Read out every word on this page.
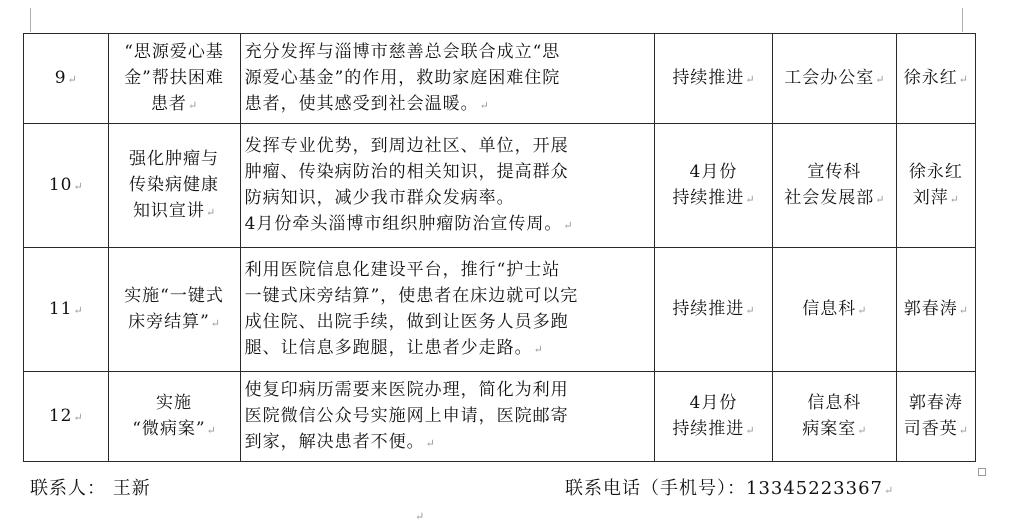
9↵	“思源爱心基
金”帮扶困难
患者↵	充分发挥与淄博市慈善总会联合成立“思
源爱心基金”的作用，救助家庭困难住院
患者，使其感受到社会温暖。↵	持续推进↵	工会办公室↵	徐永红↵

10↵	强化肿瘤与
传染病健康
知识宣讲↵	发挥专业优势，到周边社区、单位，开展
肿瘤、传染病防治的相关知识，提高群众
防病知识，减少我市群众发病率。
4月份牵头淄博市组织肿瘤防治宣传周。↵	4月份
持续推进↵	宣传科
社会发展部↵	徐永红
刘萍↵

11↵	实施“一键式
床旁结算”↵	利用医院信息化建设平台，推行“护士站
一键式床旁结算”，使患者在床边就可以完
成住院、出院手续，做到让医务人员多跑
腿、让信息多跑腿，让患者少走路。↵	持续推进↵	信息科↵	郭春涛↵

12↵	实施
“微病案”↵	使复印病历需要来医院办理，简化为利用
医院微信公众号实施网上申请，医院邮寄
到家，解决患者不便。↵	4月份
持续推进↵	信息科
病案室↵	郭春涛
司香英↵
联系人： 王新	联系电话（手机号）：13345223367↵
↵
